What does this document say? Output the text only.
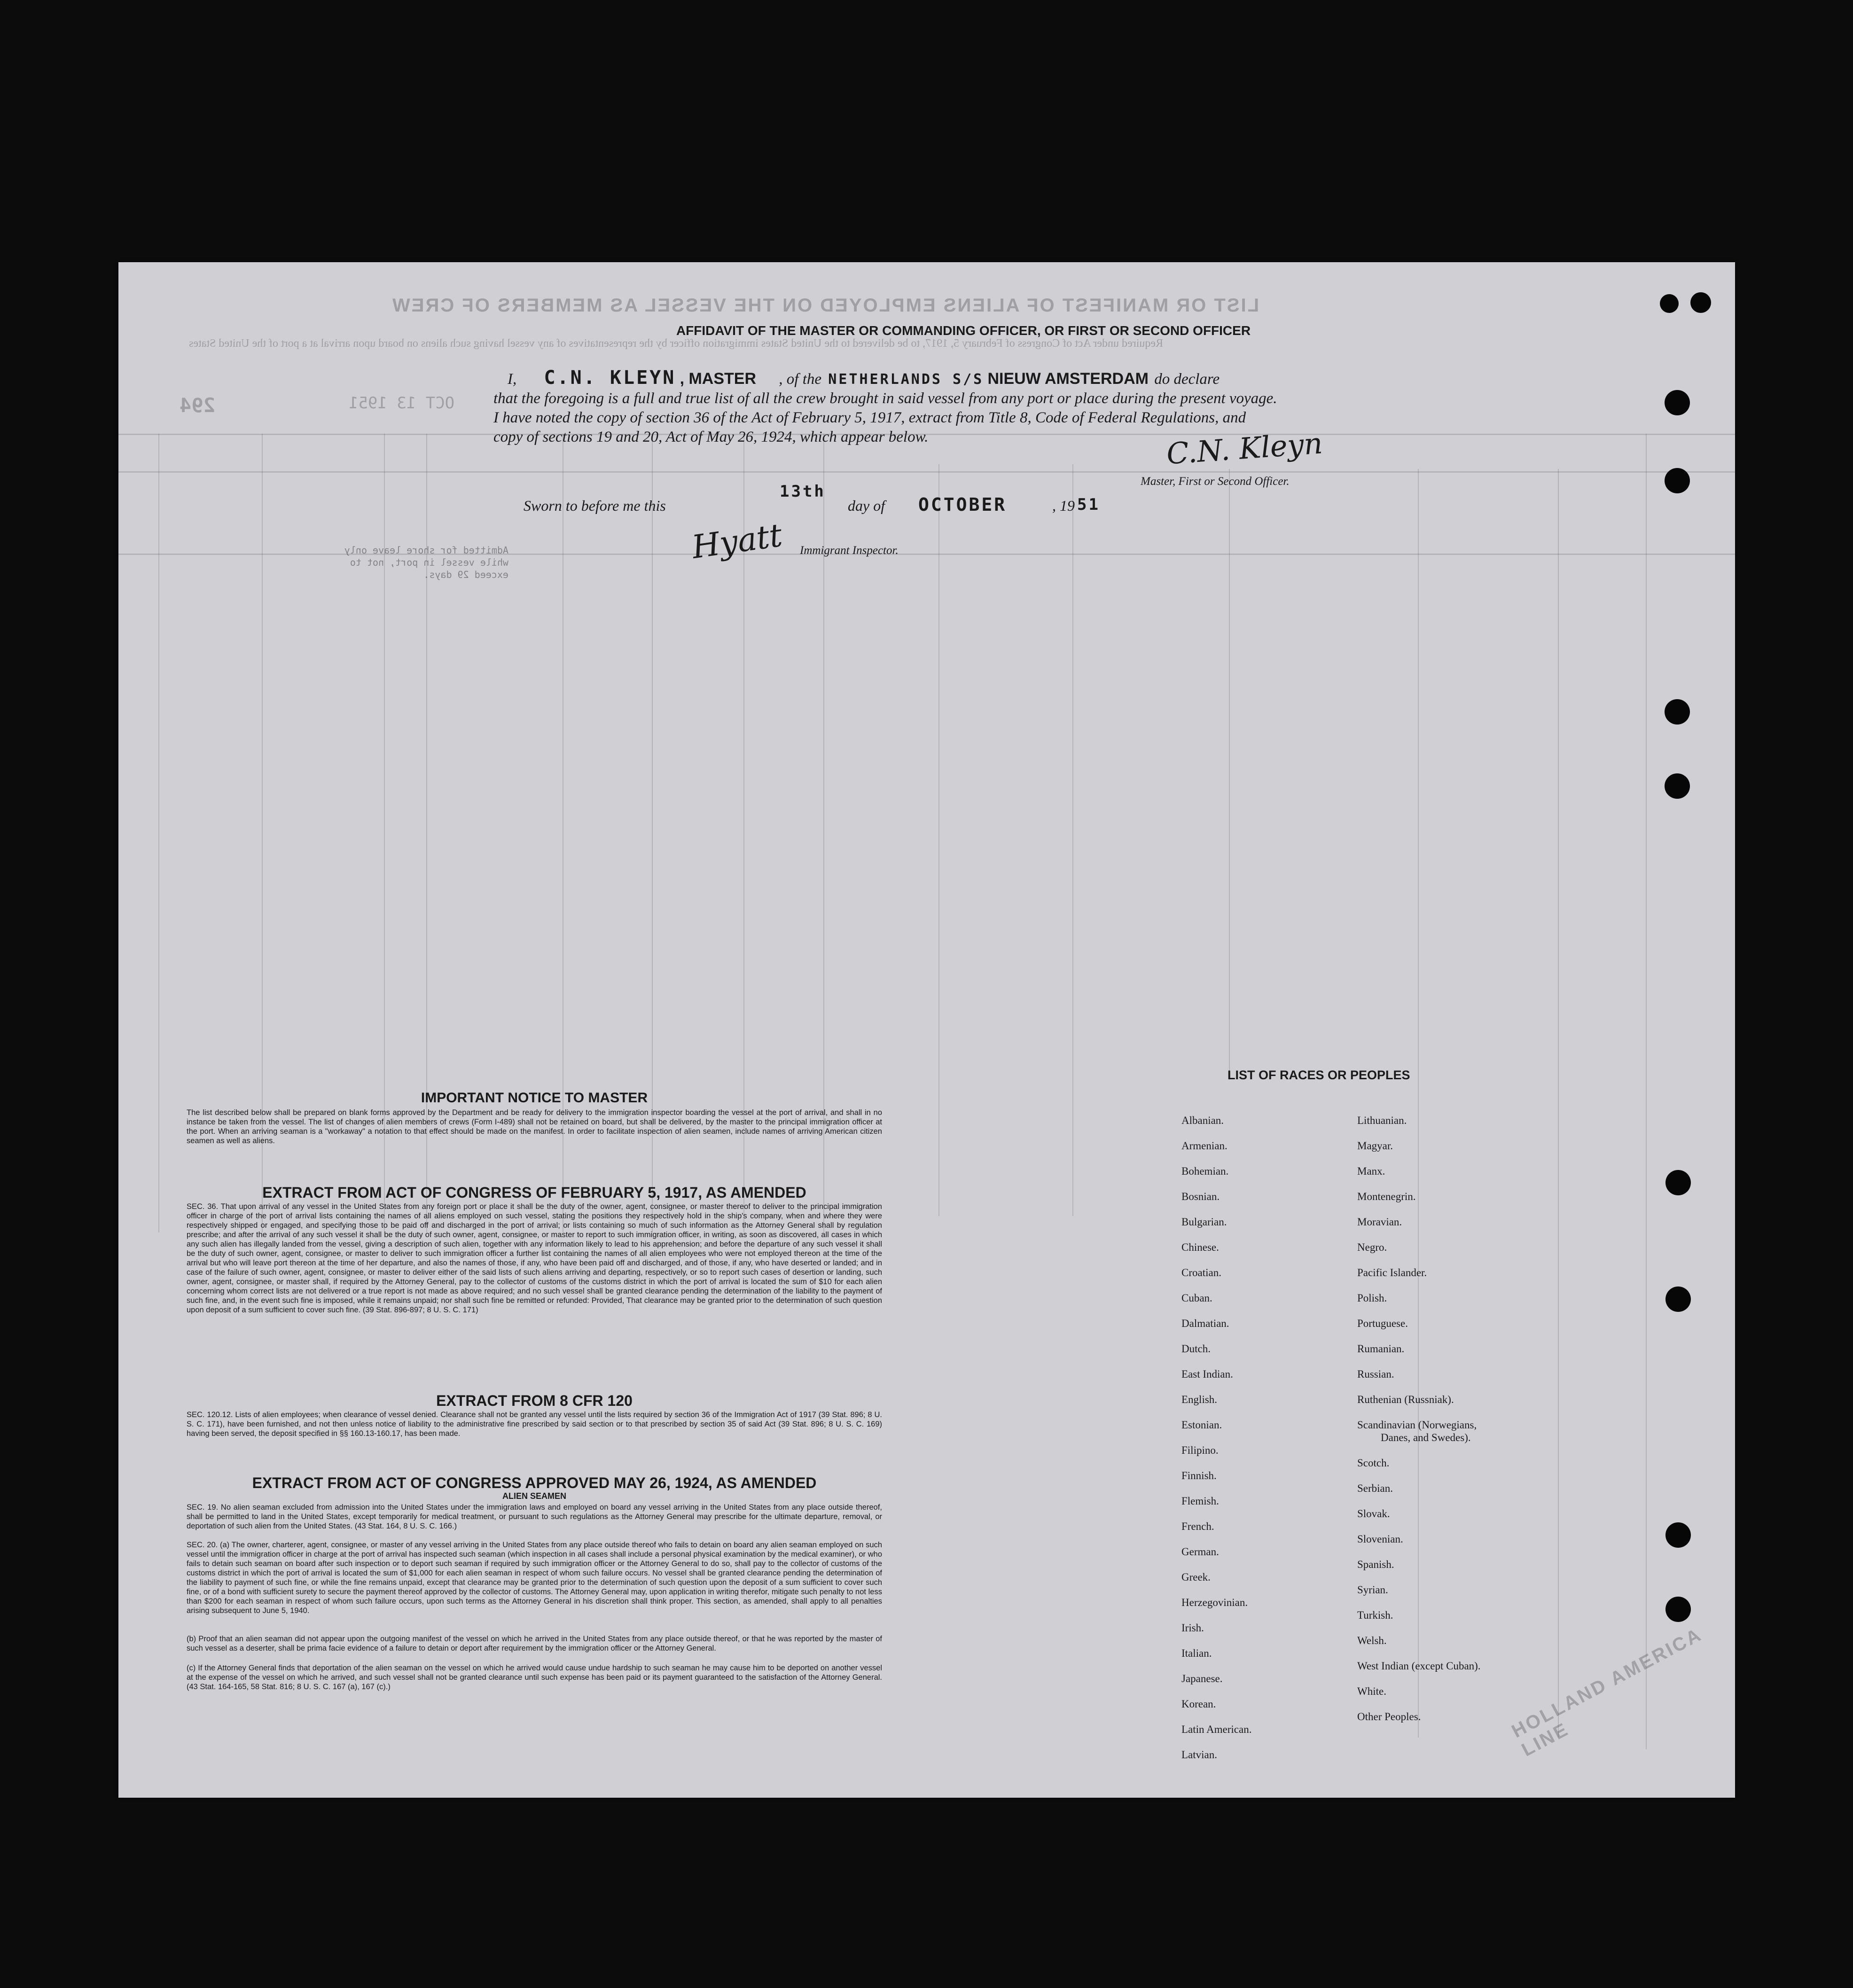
LIST OR MANIFEST OF ALIENS EMPLOYED ON THE VESSEL AS MEMBERS OF CREW
Required under Act of Congress of February 5, 1917, to be delivered to the United States immigration officer by the representatives of any vessel having such aliens on board upon arrival at a port of the United States
OCT 13 1951
294
Admitted for shore leave only while vessel in port, not to exceed 29 days.
HOLLAND AMERICA LINE
AFFIDAVIT OF THE MASTER OR COMMANDING OFFICER, OR FIRST OR SECOND OFFICER
I, C.N. KLEYN , MASTER , of the NETHERLANDS S/S NIEUW AMSTERDAM do declare
that the foregoing is a full and true list of all the crew brought in said vessel from any port or place during the present voyage.
I have noted the copy of section 36 of the Act of February 5, 1917, extract from Title 8, Code of Federal Regulations, and
copy of sections 19 and 20, Act of May 26, 1924, which appear below.	C.N. Kleyn
Master, First or Second Officer.
Sworn to before me this
13th
day of OCTOBER	, 19 51
Hyatt Immigrant Inspector.
IMPORTANT NOTICE TO MASTER
The list described below shall be prepared on blank forms approved by the Department and be ready for delivery to the immigration inspector boarding the vessel at the port of arrival, and shall in no instance be taken from the vessel. The list of changes of alien members of crews (Form I-489) shall not be retained on board, but shall be delivered, by the master to the principal immigration officer at the port. When an arriving seaman is a "workaway" a notation to that effect should be made on the manifest. In order to facilitate inspection of alien seamen, include names of arriving American citizen seamen as well as aliens.
EXTRACT FROM ACT OF CONGRESS OF FEBRUARY 5, 1917, AS AMENDED
SEC. 36. That upon arrival of any vessel in the United States from any foreign port or place it shall be the duty of the owner, agent, consignee, or master thereof to deliver to the principal immigration officer in charge of the port of arrival lists containing the names of all aliens employed on such vessel, stating the positions they respectively hold in the ship's company, when and where they were respectively shipped or engaged, and specifying those to be paid off and discharged in the port of arrival; or lists containing so much of such information as the Attorney General shall by regulation prescribe; and after the arrival of any such vessel it shall be the duty of such owner, agent, consignee, or master to report to such immigration officer, in writing, as soon as discovered, all cases in which any such alien has illegally landed from the vessel, giving a description of such alien, together with any information likely to lead to his apprehension; and before the departure of any such vessel it shall be the duty of such owner, agent, consignee, or master to deliver to such immigration officer a further list containing the names of all alien employees who were not employed thereon at the time of the arrival but who will leave port thereon at the time of her departure, and also the names of those, if any, who have been paid off and discharged, and of those, if any, who have deserted or landed; and in case of the failure of such owner, agent, consignee, or master to deliver either of the said lists of such aliens arriving and departing, respectively, or so to report such cases of desertion or landing, such owner, agent, consignee, or master shall, if required by the Attorney General, pay to the collector of customs of the customs district in which the port of arrival is located the sum of $10 for each alien concerning whom correct lists are not delivered or a true report is not made as above required; and no such vessel shall be granted clearance pending the determination of the liability to the payment of such fine, and, in the event such fine is imposed, while it remains unpaid; nor shall such fine be remitted or refunded: Provided, That clearance may be granted prior to the determination of such question upon deposit of a sum sufficient to cover such fine. (39 Stat. 896-897; 8 U. S. C. 171)
EXTRACT FROM 8 CFR 120
SEC. 120.12. Lists of alien employees; when clearance of vessel denied. Clearance shall not be granted any vessel until the lists required by section 36 of the Immigration Act of 1917 (39 Stat. 896; 8 U. S. C. 171), have been furnished, and not then unless notice of liability to the administrative fine prescribed by said section or to that prescribed by section 35 of said Act (39 Stat. 896; 8 U. S. C. 169) having been served, the deposit specified in §§ 160.13-160.17, has been made.
EXTRACT FROM ACT OF CONGRESS APPROVED MAY 26, 1924, AS AMENDED
ALIEN SEAMEN
SEC. 19. No alien seaman excluded from admission into the United States under the immigration laws and employed on board any vessel arriving in the United States from any place outside thereof, shall be permitted to land in the United States, except temporarily for medical treatment, or pursuant to such regulations as the Attorney General may prescribe for the ultimate departure, removal, or deportation of such alien from the United States. (43 Stat. 164, 8 U. S. C. 166.)
SEC. 20. (a) The owner, charterer, agent, consignee, or master of any vessel arriving in the United States from any place outside thereof who fails to detain on board any alien seaman employed on such vessel until the immigration officer in charge at the port of arrival has inspected such seaman (which inspection in all cases shall include a personal physical examination by the medical examiner), or who fails to detain such seaman on board after such inspection or to deport such seaman if required by such immigration officer or the Attorney General to do so, shall pay to the collector of customs of the customs district in which the port of arrival is located the sum of $1,000 for each alien seaman in respect of whom such failure occurs. No vessel shall be granted clearance pending the determination of the liability to payment of such fine, or while the fine remains unpaid, except that clearance may be granted prior to the determination of such question upon the deposit of a sum sufficient to cover such fine, or of a bond with sufficient surety to secure the payment thereof approved by the collector of customs. The Attorney General may, upon application in writing therefor, mitigate such penalty to not less than $200 for each seaman in respect of whom such failure occurs, upon such terms as the Attorney General in his discretion shall think proper. This section, as amended, shall apply to all penalties arising subsequent to June 5, 1940.
(b) Proof that an alien seaman did not appear upon the outgoing manifest of the vessel on which he arrived in the United States from any place outside thereof, or that he was reported by the master of such vessel as a deserter, shall be prima facie evidence of a failure to detain or deport after requirement by the immigration officer or the Attorney General.
(c) If the Attorney General finds that deportation of the alien seaman on the vessel on which he arrived would cause undue hardship to such seaman he may cause him to be deported on another vessel at the expense of the vessel on which he arrived, and such vessel shall not be granted clearance until such expense has been paid or its payment guaranteed to the satisfaction of the Attorney General. (43 Stat. 164-165, 58 Stat. 816; 8 U. S. C. 167 (a), 167 (c).)
LIST OF RACES OR PEOPLES
Albanian.
Armenian.
Bohemian.
Bosnian.
Bulgarian.
Chinese.
Croatian.
Cuban.
Dalmatian.
Dutch.
East Indian.
English.
Estonian.
Filipino.
Finnish.
Flemish.
French.
German.
Greek.
Herzegovinian.
Irish.
Italian.
Japanese.
Korean.
Latin American.
Latvian.
Lithuanian.
Magyar.
Manx.
Montenegrin.
Moravian.
Negro.
Pacific Islander.
Polish.
Portuguese.
Rumanian.
Russian.
Ruthenian (Russniak).
Scandinavian (Norwegians,
Danes, and Swedes).
Scotch.
Serbian.
Slovak.
Slovenian.
Spanish.
Syrian.
Turkish.
Welsh.
West Indian (except Cuban).
White.
Other Peoples.
